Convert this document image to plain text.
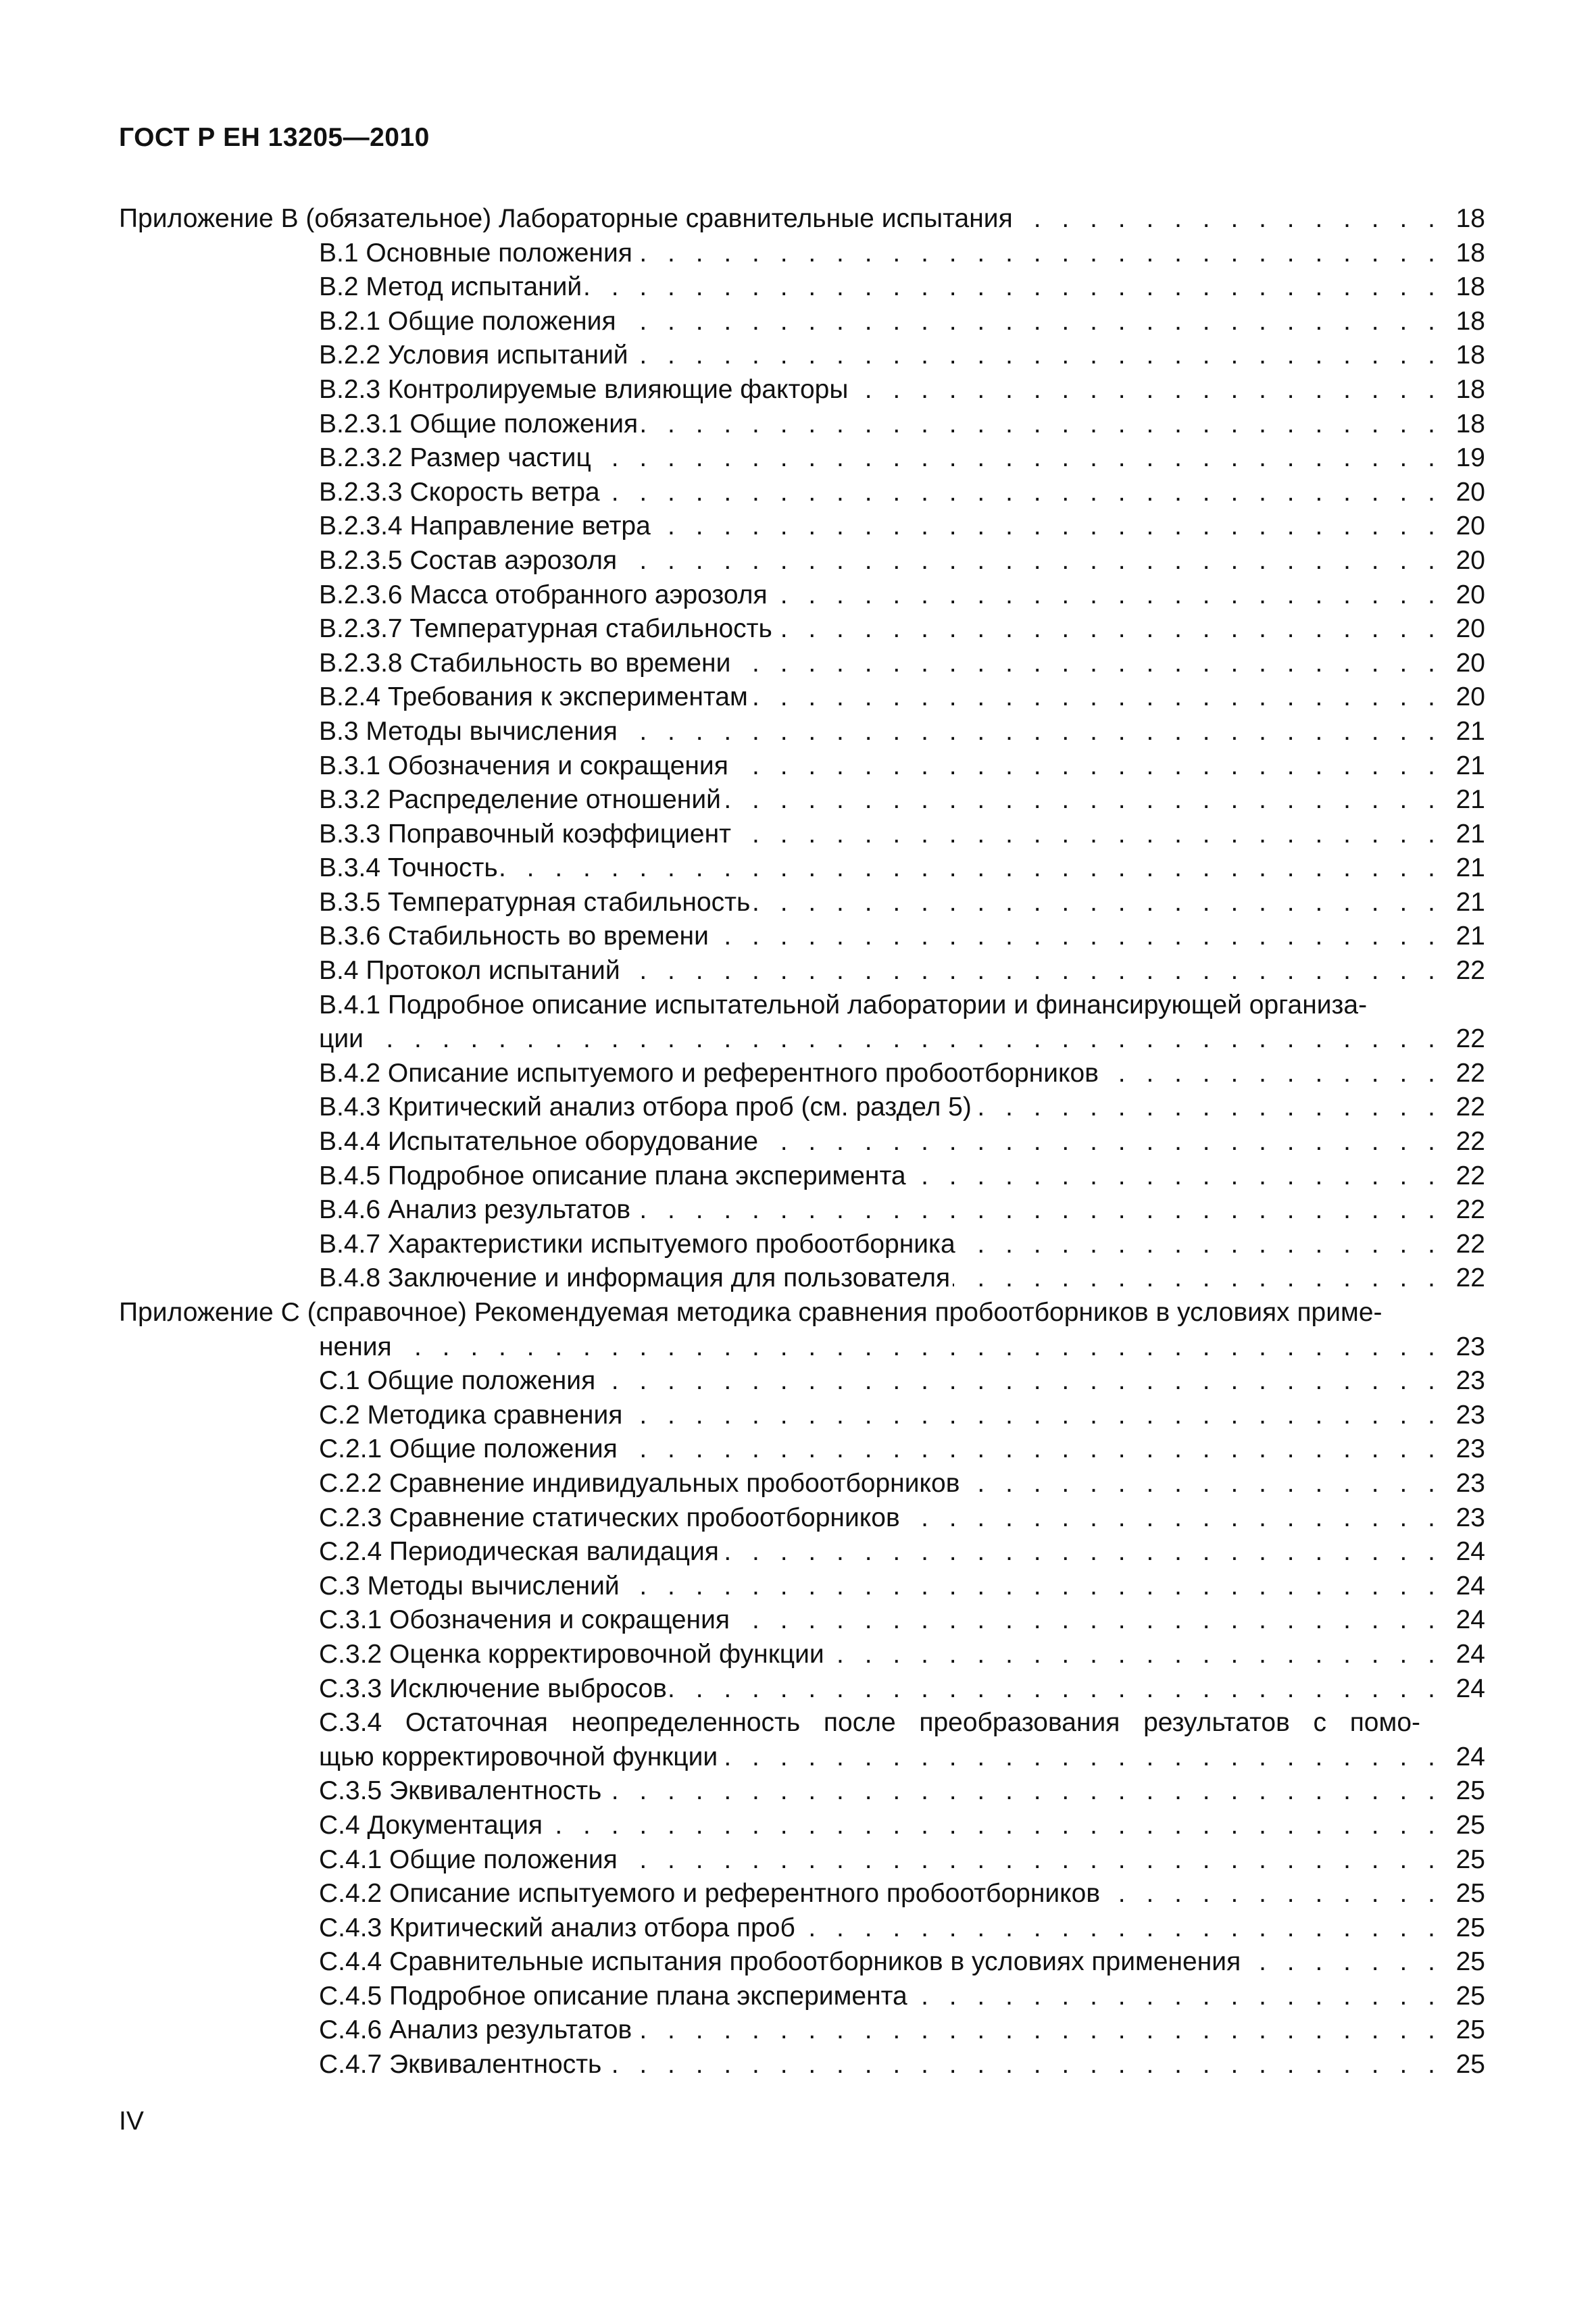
ГОСТ Р ЕН 13205—2010
Приложение B (обязательное) Лабораторные сравнительные испытания . . .	18
B.1 Основные положения . . .	18
B.2 Метод испытаний . . .	18
B.2.1 Общие положения . . .	18
B.2.2 Условия испытаний . . .	18
B.2.3 Контролируемые влияющие факторы . . .	18
B.2.3.1 Общие положения . . .	18
B.2.3.2 Размер частиц . . .	19
B.2.3.3 Скорость ветра . . .	20
B.2.3.4 Направление ветра . . .	20
B.2.3.5 Состав аэрозоля . . .	20
B.2.3.6 Масса отобранного аэрозоля . . .	20
B.2.3.7 Температурная стабильность . . .	20
B.2.3.8 Стабильность во времени . . .	20
B.2.4 Требования к экспериментам . . .	20
B.3 Методы вычисления . . .	21
B.3.1 Обозначения и сокращения . . .	21
B.3.2 Распределение отношений . . .	21
B.3.3 Поправочный коэффициент . . .	21
B.3.4 Точность . . .	21
B.3.5 Температурная стабильность . . .	21
B.3.6 Стабильность во времени . . .	21
B.4 Протокол испытаний . . .	22
B.4.1 Подробное описание испытательной лаборатории и финансирующей организа-
ции . . .	22
B.4.2 Описание испытуемого и референтного пробоотборников . . .	22
B.4.3 Критический анализ отбора проб (см. раздел 5) . . .	22
B.4.4 Испытательное оборудование . . .	22
B.4.5 Подробное описание плана эксперимента . . .	22
B.4.6 Анализ результатов . . .	22
B.4.7 Характеристики испытуемого пробоотборника . . .	22
B.4.8 Заключение и информация для пользователя . . .	22
Приложение С (справочное) Рекомендуемая методика сравнения пробоотборников в условиях приме-
нения . . .	23
С.1 Общие положения . . .	23
С.2 Методика сравнения . . .	23
С.2.1 Общие положения . . .	23
С.2.2 Сравнение индивидуальных пробоотборников . . .	23
С.2.3 Сравнение статических пробоотборников . . .	23
С.2.4 Периодическая валидация . . .	24
С.3 Методы вычислений . . .	24
С.3.1 Обозначения и сокращения . . .	24
С.3.2 Оценка корректировочной функции . . .	24
С.3.3 Исключение выбросов . . .	24
С.3.4 Остаточная неопределенность после преобразования результатов с помо-
щью корректировочной функции . . .	24
С.3.5 Эквивалентность . . .	25
С.4 Документация . . .	25
С.4.1 Общие положения . . .	25
С.4.2 Описание испытуемого и референтного пробоотборников . . .	25
С.4.3 Критический анализ отбора проб . . .	25
С.4.4 Сравнительные испытания пробоотборников в условиях применения . . .	25
С.4.5 Подробное описание плана эксперимента . . .	25
С.4.6 Анализ результатов . . .	25
С.4.7 Эквивалентность . . .	25
IV
